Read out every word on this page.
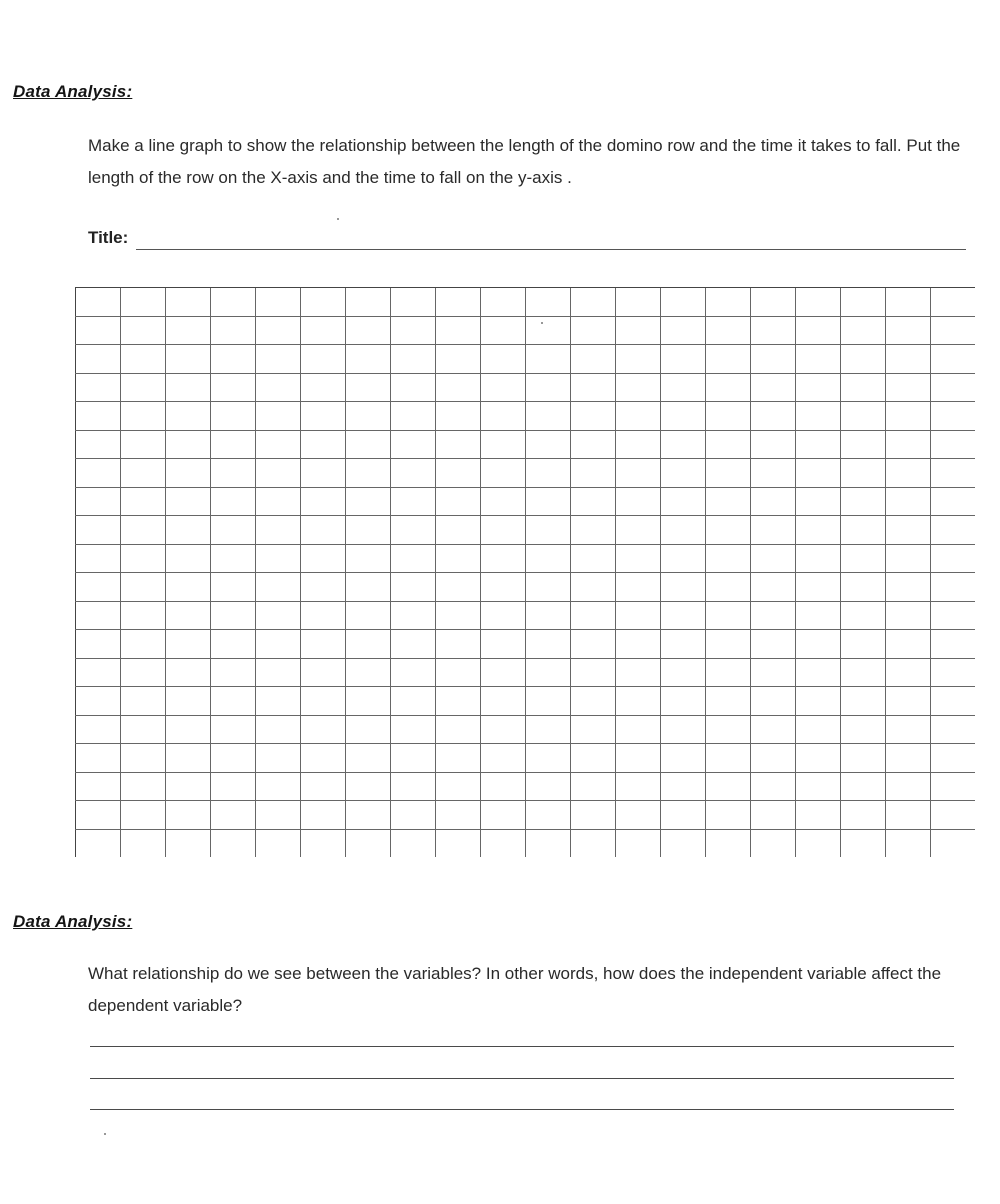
Data Analysis:
Make a line graph to show the relationship between the length of the domino row and the time it takes to fall. Put the length of the row on the X-axis and the time to fall on the y-axis .
Title:
Data Analysis:
What relationship do we see between the variables? In other words, how does the independent variable affect the dependent variable?
